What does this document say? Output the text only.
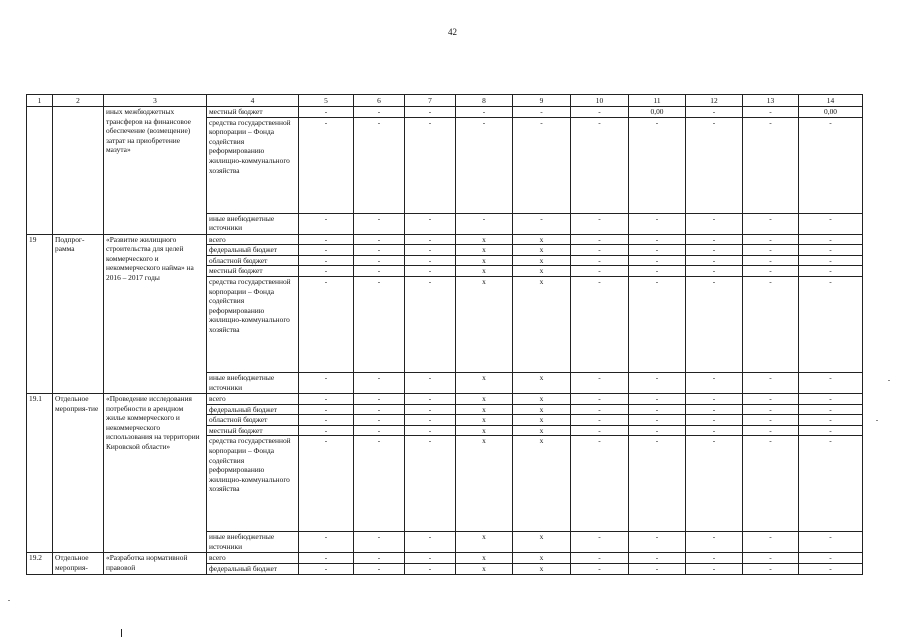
42
1	2	3	4	5	6	7	8	9	10	11	12	13	14
		иных межбюджетных трансферов на финансовое обеспечение (возмещение) затрат на приобретение мазута»	местный бюджет	-	-	-	-	-	-	0,00	-	-	0,00
			средства государственной корпорации – Фонда содействия реформированию жилищно-коммунального хозяйства	-	-	-	-	-	-	-	-	-	-
			иные внебюджетные источники	-	-	-	-	-	-	-	-	-	-
19	Подпрог-рамма	«Развитие жилищного строительства для целей коммерческого и некоммерческого найма» на 2016 – 2017 годы	всего	-	-	-	x	x	-	-	-	-	-
			федеральный бюджет	-	-	-	x	x	-	-	-	-	-
			областной бюджет	-	-	-	x	x	-	-	-	-	-
			местный бюджет	-	-	-	x	x	-	-	-	-	-
			средства государственной корпорации – Фонда содействия реформированию жилищно-коммунального хозяйства	-	-	-	x	x	-	-	-	-	-
			иные внебюджетные источники	-	-	-	x	x	-	-	-	-	-
19.1	Отдельное мероприя-тие	«Проведение исследования потребности в арендном жилье коммерческого и некоммерческого использования на территории Кировской области»	всего	-	-	-	x	x	-	-	-	-	-
			федеральный бюджет	-	-	-	x	x	-	-	-	-	-
			областной бюджет	-	-	-	x	x	-	-	-	-	-
			местный бюджет	-	-	-	x	x	-	-	-	-	-
			средства государственной корпорации – Фонда содействия реформированию жилищно-коммунального хозяйства	-	-	-	x	x	-	-	-	-	-
			иные внебюджетные источники	-	-	-	x	x	-	-	-	-	-
19.2	Отдельное мероприя-	«Разработка нормативной правовой	всего	-	-	-	x	x	-	-	-	-	-
			федеральный бюджет	-	-	-	x	x	-	-	-	-	-
